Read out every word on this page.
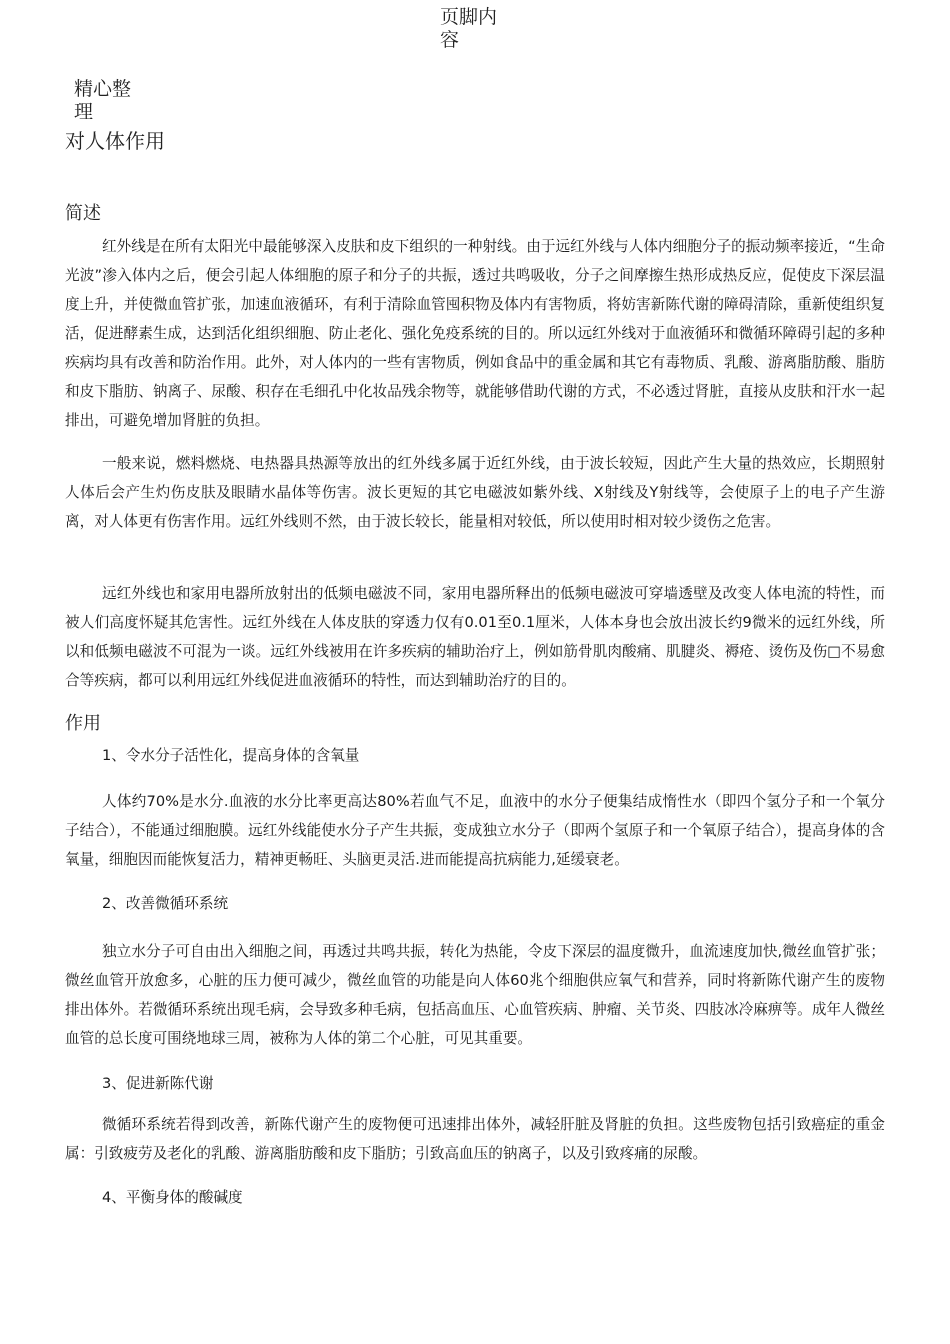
页脚内容
精心整理
对人体作用
简述
红外线是在所有太阳光中最能够深入皮肤和皮下组织的一种射线。由于远红外线与人体内细胞分子的振动频率接近，“生命光波”渗入体内之后，便会引起人体细胞的原子和分子的共振，透过共鸣吸收，分子之间摩擦生热形成热反应，促使皮下深层温度上升，并使微血管扩张，加速血液循环，有利于清除血管囤积物及体内有害物质，将妨害新陈代谢的障碍清除，重新使组织复活，促进酵素生成，达到活化组织细胞、防止老化、强化免疫系统的目的。所以远红外线对于血液循环和微循环障碍引起的多种疾病均具有改善和防治作用。此外，对人体内的一些有害物质，例如食品中的重金属和其它有毒物质、乳酸、游离脂肪酸、脂肪和皮下脂肪、钠离子、尿酸、积存在毛细孔中化妆品残余物等，就能够借助代谢的方式，不必透过肾脏，直接从皮肤和汗水一起排出，可避免增加肾脏的负担。
一般来说，燃料燃烧、电热器具热源等放出的红外线多属于近红外线，由于波长较短，因此产生大量的热效应，长期照射人体后会产生灼伤皮肤及眼睛水晶体等伤害。波长更短的其它电磁波如紫外线、X射线及Y射线等，会使原子上的电子产生游离，对人体更有伤害作用。远红外线则不然，由于波长较长，能量相对较低，所以使用时相对较少烫伤之危害。
远红外线也和家用电器所放射出的低频电磁波不同，家用电器所释出的低频电磁波可穿墙透壁及改变人体电流的特性，而被人们高度怀疑其危害性。远红外线在人体皮肤的穿透力仅有0.01至0.1厘米，人体本身也会放出波长约9微米的远红外线，所以和低频电磁波不可混为一谈。远红外线被用在许多疾病的辅助治疗上，例如筋骨肌肉酸痛、肌腱炎、褥疮、烫伤及伤□不易愈合等疾病，都可以利用远红外线促进血液循环的特性，而达到辅助治疗的目的。
作用
1、令水分子活性化，提高身体的含氧量
人体约70%是水分.血液的水分比率更高达80%若血气不足，血液中的水分子便集结成惰性水（即四个氢分子和一个氧分子结合），不能通过细胞膜。远红外线能使水分子产生共振，变成独立水分子（即两个氢原子和一个氧原子结合），提高身体的含氧量，细胞因而能恢复活力，精神更畅旺、头脑更灵活.进而能提高抗病能力,延缓衰老。
2、改善微循环系统
独立水分子可自由出入细胞之间，再透过共鸣共振，转化为热能，令皮下深层的温度微升，血流速度加快,微丝血管扩张；微丝血管开放愈多，心脏的压力便可减少，微丝血管的功能是向人体60兆个细胞供应氧气和营养，同时将新陈代谢产生的废物排出体外。若微循环系统出现毛病，会导致多种毛病，包括高血压、心血管疾病、肿瘤、关节炎、四肢冰冷麻痹等。成年人微丝血管的总长度可围绕地球三周，被称为人体的第二个心脏，可见其重要。
3、促进新陈代谢
微循环系统若得到改善，新陈代谢产生的废物便可迅速排出体外，减轻肝脏及肾脏的负担。这些废物包括引致癌症的重金属：引致疲劳及老化的乳酸、游离脂肪酸和皮下脂肪；引致高血压的钠离子，以及引致疼痛的尿酸。
4、平衡身体的酸碱度
